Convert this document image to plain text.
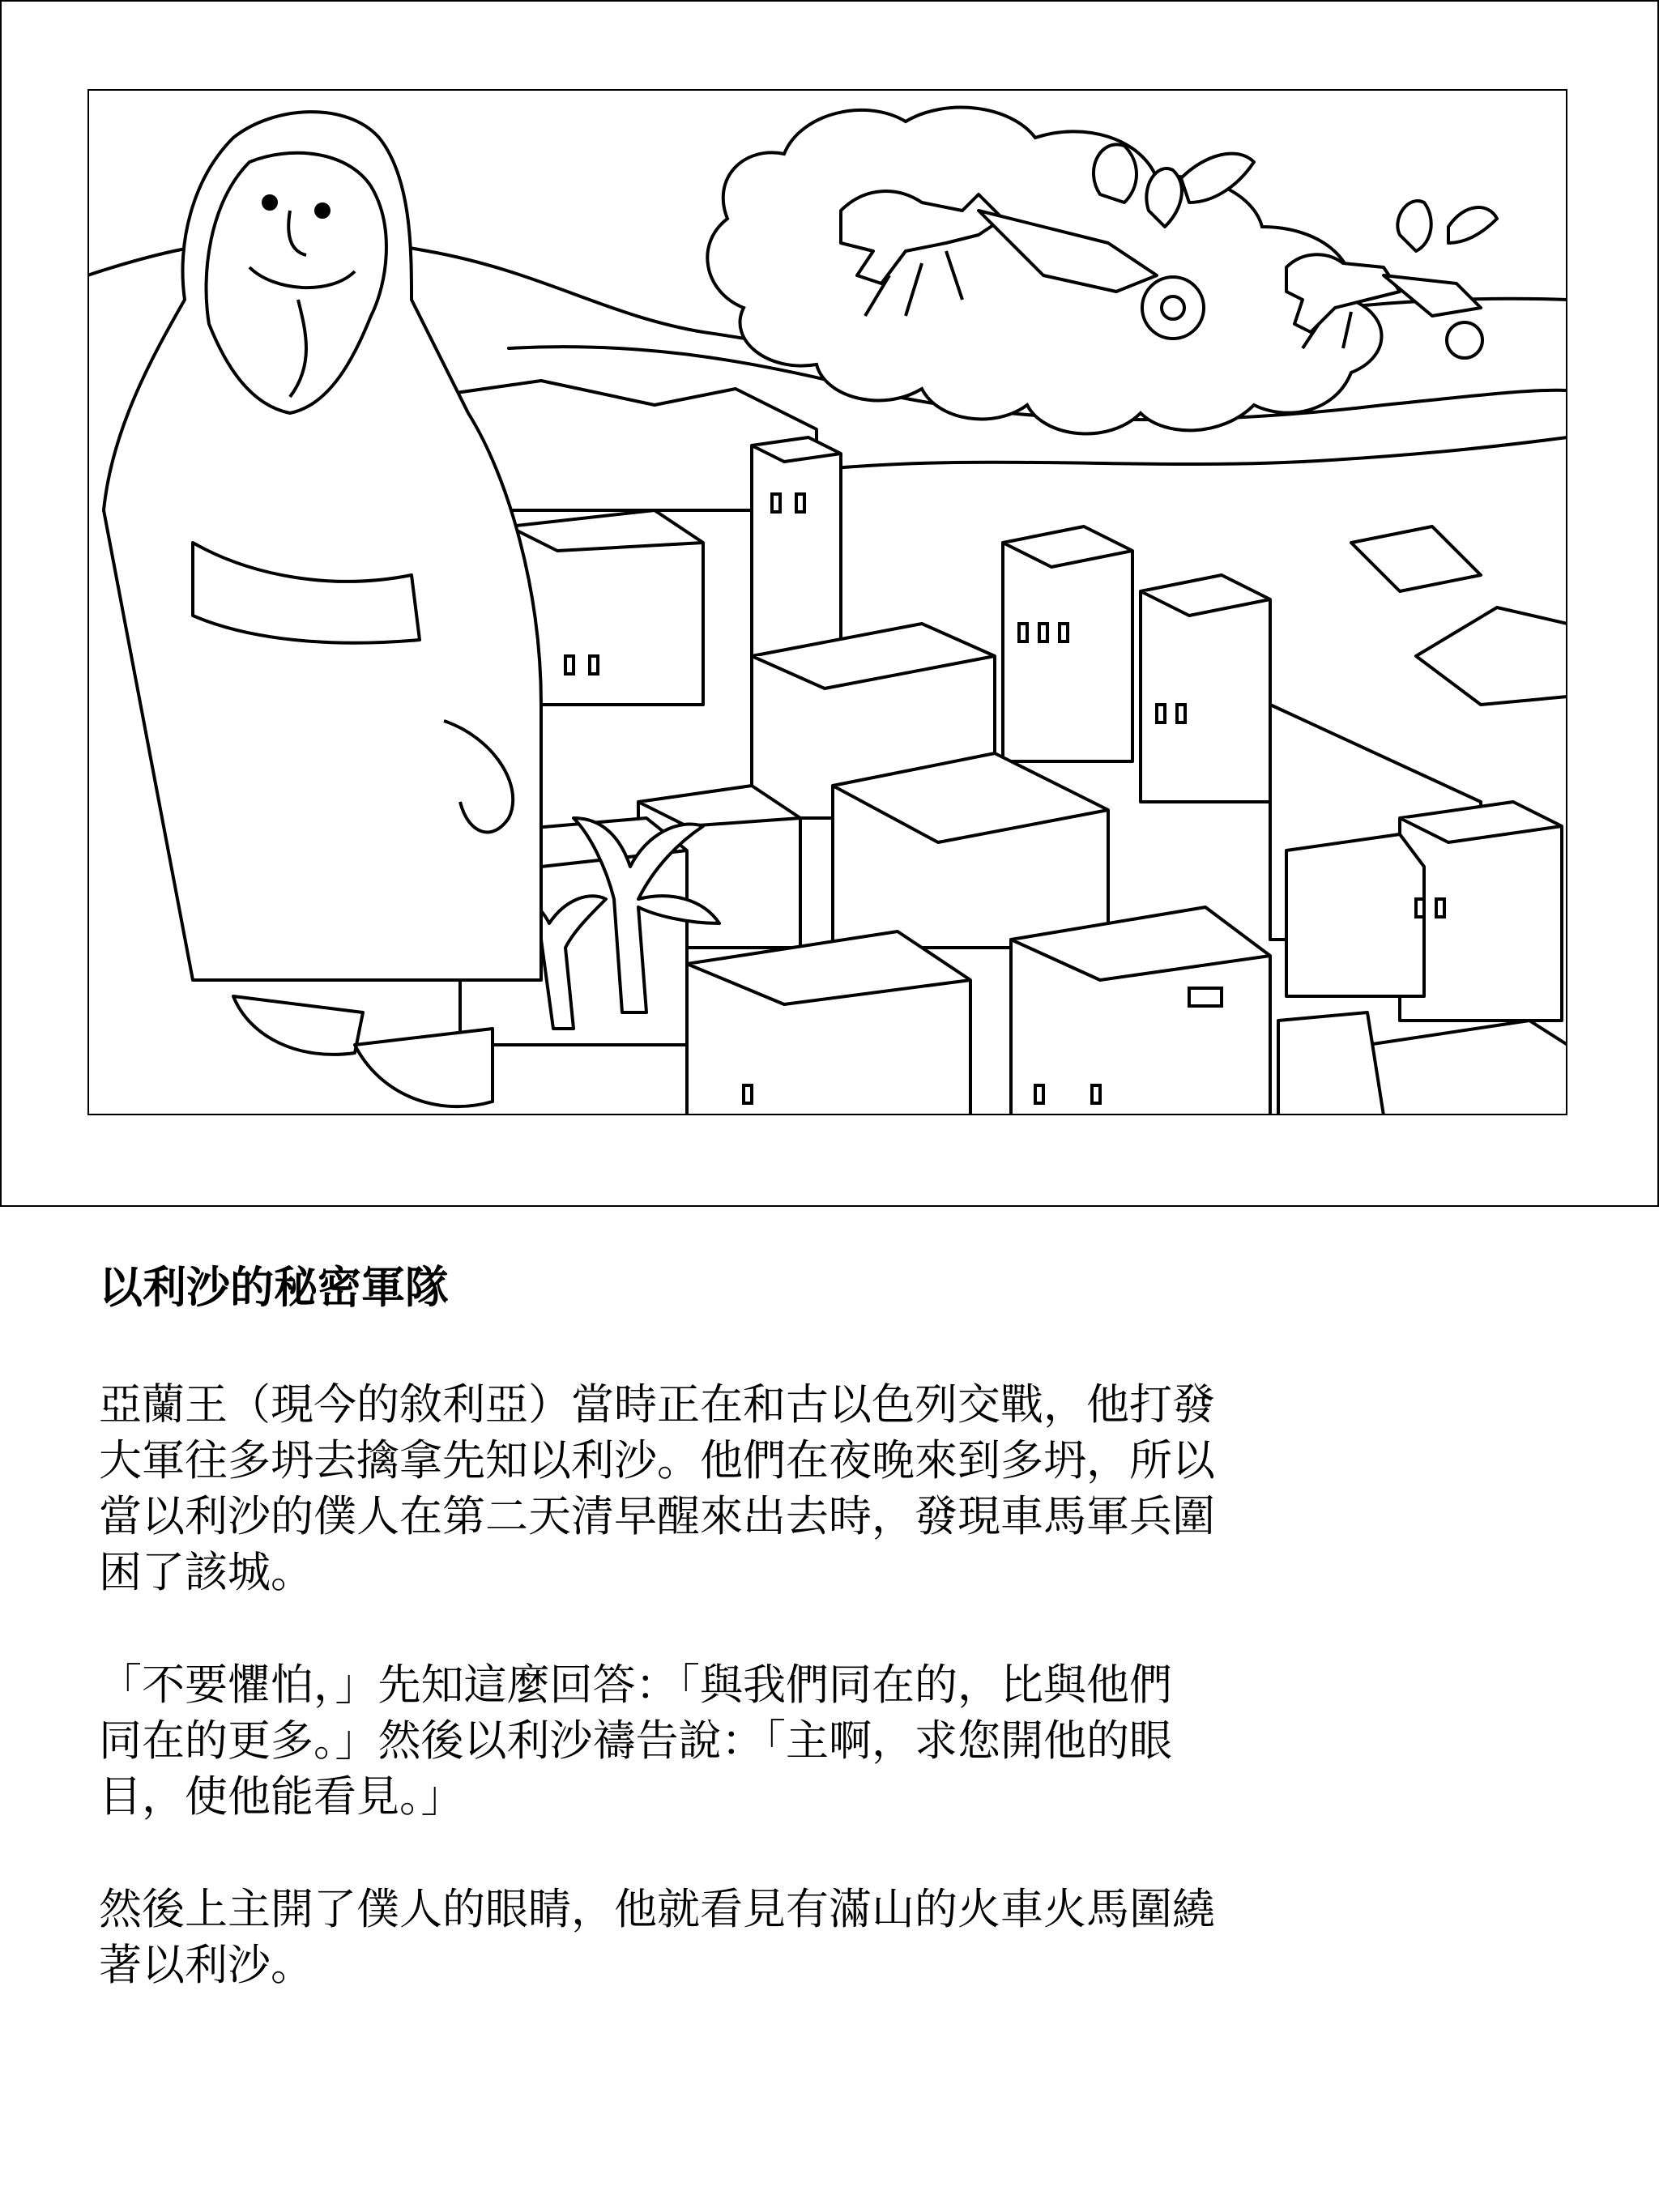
以利沙的秘密軍隊

亞蘭王（現今的敘利亞）當時正在和古以色列交戰，他打發
大軍往多坍去擒拿先知以利沙。他們在夜晚來到多坍，所以
當以利沙的僕人在第二天清早醒來出去時，發現車馬軍兵圍
困了該城。

「不要懼怕，」先知這麼回答：「與我們同在的，比與他們
同在的更多。」然後以利沙禱告說：「主啊，求您開他的眼
目，使他能看見。」

然後上主開了僕人的眼睛，他就看見有滿山的火車火馬圍繞
著以利沙。
